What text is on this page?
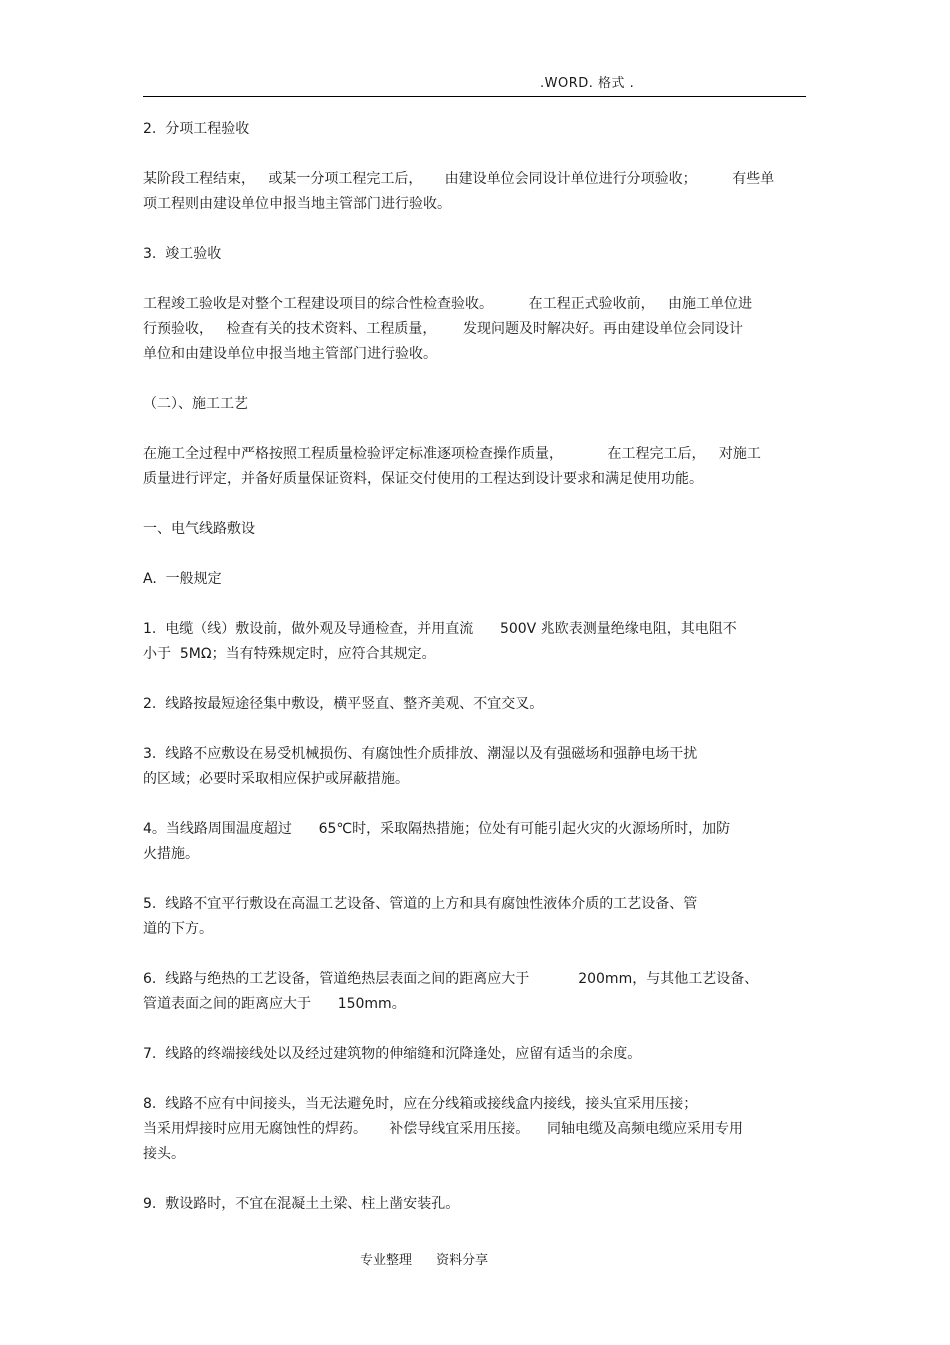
.WORD. 格式 .
2.  分项工程验收
某阶段工程结束，   或某一分项工程完工后，     由建设单位会同设计单位进行分项验收；        有些单
项工程则由建设单位申报当地主管部门进行验收。
3.  竣工验收
工程竣工验收是对整个工程建设项目的综合性检查验收。        在工程正式验收前，   由施工单位进
行预验收，   检查有关的技术资料、工程质量，      发现问题及时解决好。再由建设单位会同设计
单位和由建设单位申报当地主管部门进行验收。
（二）、施工工艺
在施工全过程中严格按照工程质量检验评定标准逐项检查操作质量，          在工程完工后，   对施工
质量进行评定，并备好质量保证资料，保证交付使用的工程达到设计要求和满足使用功能。
一、电气线路敷设
A.  一般规定
1.  电缆（线）敷设前，做外观及导通检查，并用直流      500V 兆欧表测量绝缘电阻，其电阻不
小于  5MΩ；当有特殊规定时，应符合其规定。
2.  线路按最短途径集中敷设，横平竖直、整齐美观、不宜交叉。
3.  线路不应敷设在易受机械损伤、有腐蚀性介质排放、潮湿以及有强磁场和强静电场干扰
的区域；必要时采取相应保护或屏蔽措施。
4。当线路周围温度超过      65℃时，采取隔热措施；位处有可能引起火灾的火源场所时，加防
火措施。
5.  线路不宜平行敷设在高温工艺设备、管道的上方和具有腐蚀性液体介质的工艺设备、管
道的下方。
6.  线路与绝热的工艺设备，管道绝热层表面之间的距离应大于           200mm，与其他工艺设备、
管道表面之间的距离应大于      150mm。
7.  线路的终端接线处以及经过建筑物的伸缩缝和沉降逢处，应留有适当的余度。
8.  线路不应有中间接头，当无法避免时，应在分线箱或接线盒内接线，接头宜采用压接；
当采用焊接时应用无腐蚀性的焊药。     补偿导线宜采用压接。    同轴电缆及高频电缆应采用专用
接头。
9.  敷设路时，不宜在混凝土土梁、柱上凿安装孔。
专业整理 资料分享
